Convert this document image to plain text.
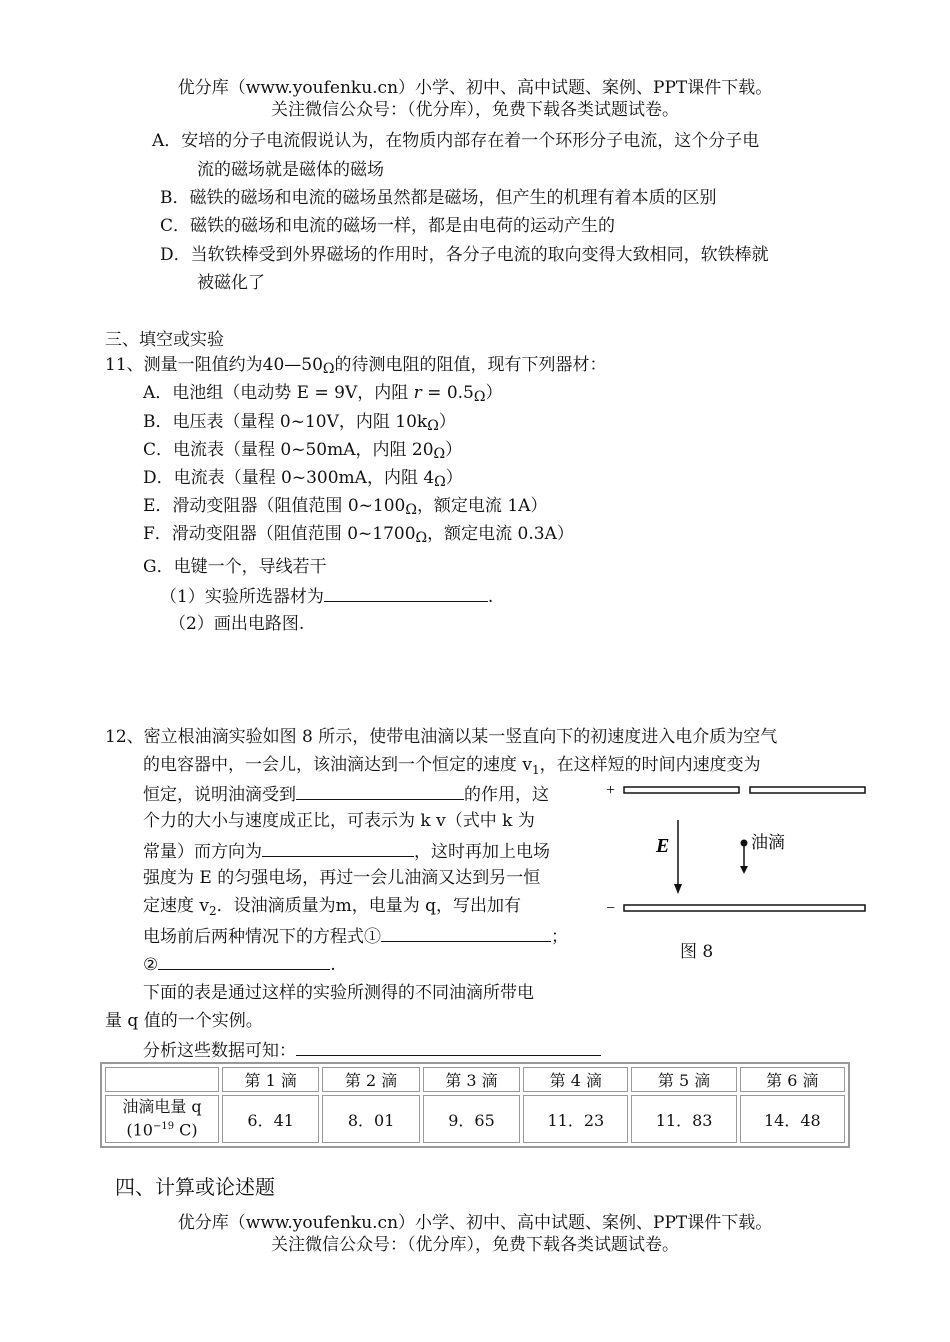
优分库（www.youfenku.cn）小学、初中、高中试题、案例、PPT课件下载。
关注微信公众号：（优分库），免费下载各类试题试卷。
A．安培的分子电流假说认为，在物质内部存在着一个环形分子电流，这个分子电
流的磁场就是磁体的磁场
B．磁铁的磁场和电流的磁场虽然都是磁场，但产生的机理有着本质的区别
C．磁铁的磁场和电流的磁场一样，都是由电荷的运动产生的
D．当软铁棒受到外界磁场的作用时，各分子电流的取向变得大致相同，软铁棒就
被磁化了
三、填空或实验
11、测量一阻值约为40—50Ω的待测电阻的阻值，现有下列器材：
A．电池组（电动势 E = 9V，内阻 r = 0.5Ω）
B．电压表（量程 0~10V，内阻 10kΩ）
C．电流表（量程 0~50mA，内阻 20Ω）
D．电流表（量程 0~300mA，内阻 4Ω）
E．滑动变阻器（阻值范围 0~100Ω，额定电流 1A）
F．滑动变阻器（阻值范围 0~1700Ω，额定电流 0.3A）
G．电键一个，导线若干
（1）实验所选器材为	.
（2）画出电路图.
12、密立根油滴实验如图 8 所示，使带电油滴以某一竖直向下的初速度进入电介质为空气
的电容器中，一会儿，该油滴达到一个恒定的速度 $v_1$，在这样短的时间内速度变为
恒定，说明油滴受到	的作用，这
个力的大小与速度成正比，可表示为 k v（式中 k 为
常量）而方向为	，这时再加上电场
强度为 E 的匀强电场，再过一会儿油滴又达到另一恒
定速度 $v_2$．设油滴质量为m，电量为 q，写出加有
电场前后两种情况下的方程式①	；
②	.
下面的表是通过这样的实验所测得的不同油滴所带电
量 q 值的一个实例。
分析这些数据可知：
+
−
E	油滴
图 8
	第 1 滴	第 2 滴	第 3 滴	第 4 滴	第 5 滴	第 6 滴

油滴电量 q
($10^{-19}$ C)	6．41	8．01	9．65	11．23	11．83	14．48
四、计算或论述题
优分库（www.youfenku.cn）小学、初中、高中试题、案例、PPT课件下载。
关注微信公众号：（优分库），免费下载各类试题试卷。
